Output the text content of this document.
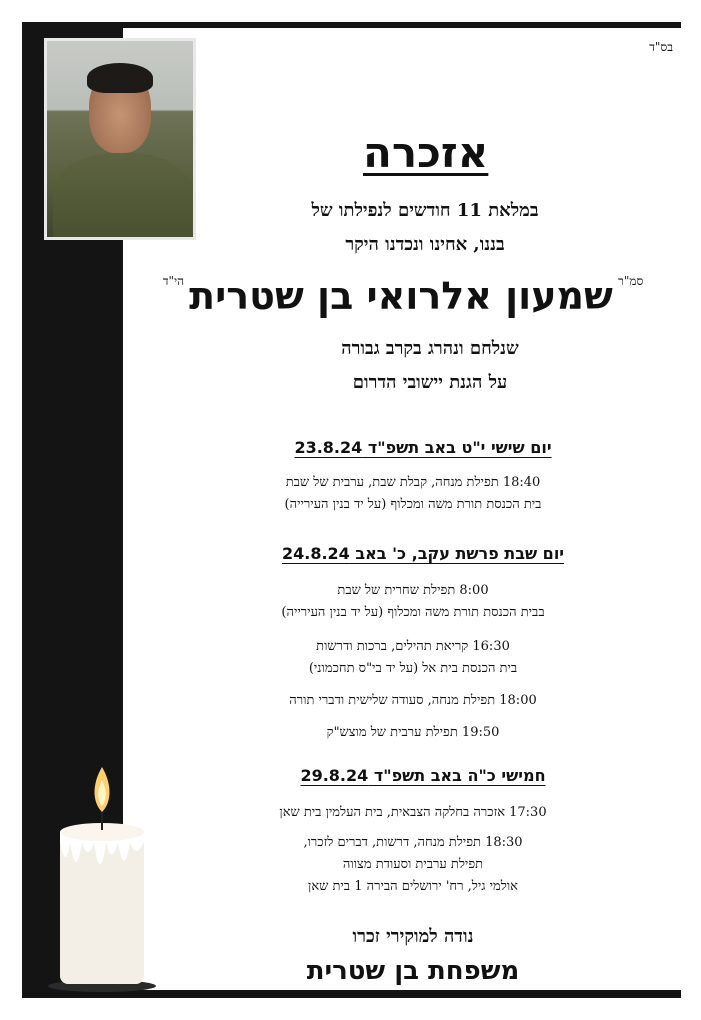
בס"ד
אזכרה
במלאת 11 חודשים לנפילתו של
בננו, אחינו ונכדנו היקר
$^{סמ"ר}$ שמעון אלרואי בן שטרית $^{הי"ד}$
שנלחם ונהרג בקרב גבורה
על הגנת יישובי הדרום
יום שישי י"ט באב תשפ"ד 23.8.24
18:40 תפילת מנחה, קבלת שבת, ערבית של שבת
בית הכנסת תורת משה ומכלוף (על יד בנין העירייה)
יום שבת פרשת עקב, כ' באב 24.8.24
8:00 תפילת שחרית של שבת
בבית הכנסת תורת משה ומכלוף (על יד בנין העירייה)
16:30 קריאת תהילים, ברכות ודרשות
בית הכנסת בית אל (על יד בי"ס תחכמוני)
18:00 תפילת מנחה, סעודה שלישית ודברי תורה
19:50 תפילת ערבית של מוצש"ק
חמישי כ"ה באב תשפ"ד 29.8.24
17:30 אזכרה בחלקה הצבאית, בית העלמין בית שאן
18:30 תפילת מנחה, דרשות, דברים לזכרו,
תפילת ערבית וסעודת מצווה
אולמי גיל, רח' ירושלים הבירה 1 בית שאן
נודה למוקירי זכרו
משפחת בן שטרית
